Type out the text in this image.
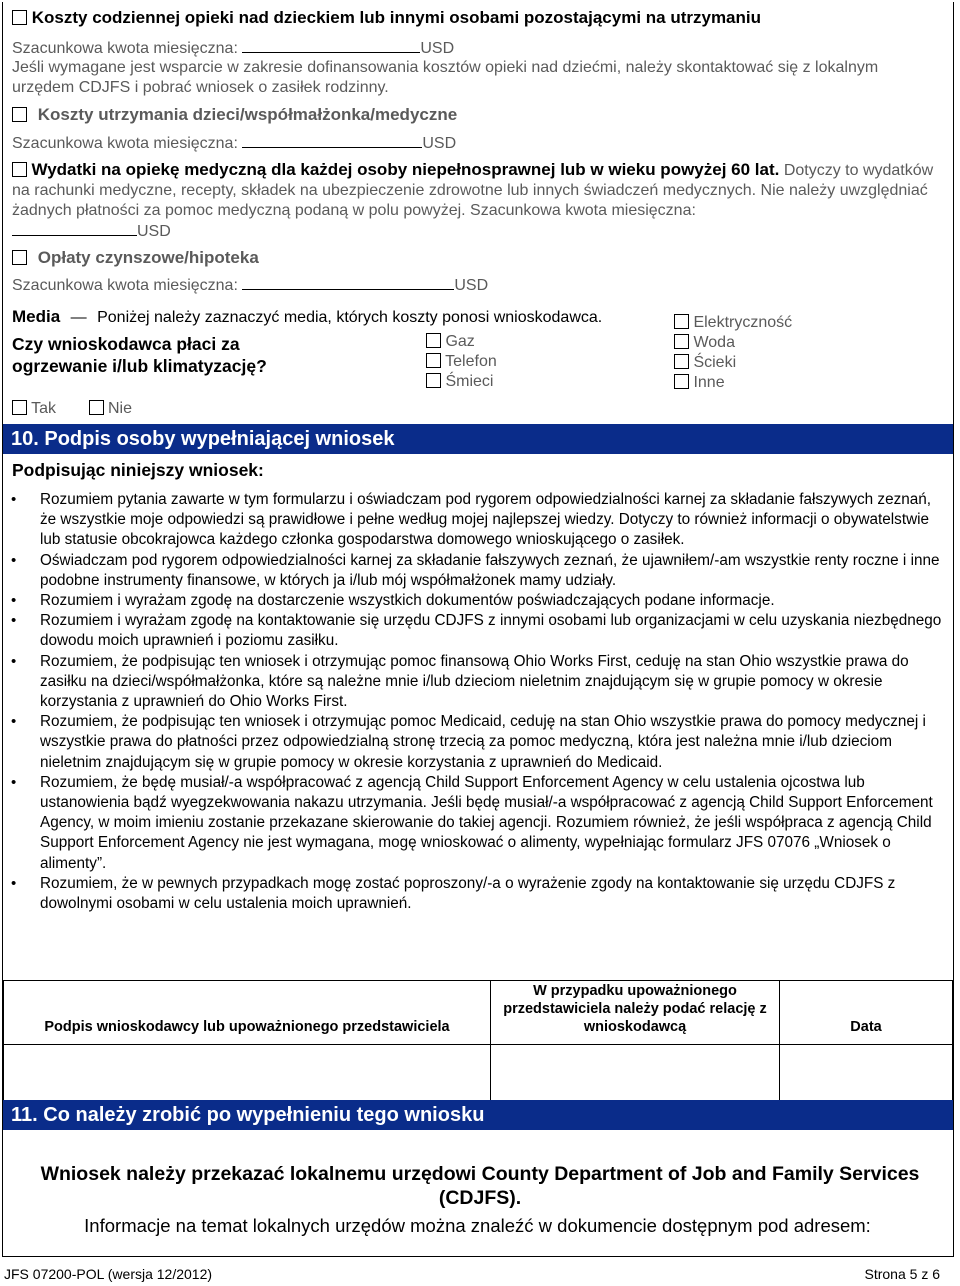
Koszty codziennej opieki nad dzieckiem lub innymi osobami pozostającymi na utrzymaniu
Szacunkowa kwota miesięczna:	USD
Jeśli wymagane jest wsparcie w zakresie dofinansowania kosztów opieki nad dziećmi, należy skontaktować się z lokalnym urzędem CDJFS i pobrać wniosek o zasiłek rodzinny.
Koszty utrzymania dzieci/współmałżonka/medyczne
Szacunkowa kwota miesięczna:	USD
Wydatki na opiekę medyczną dla każdej osoby niepełnosprawnej lub w wieku powyżej 60 lat. Dotyczy to wydatków na rachunki medyczne, recepty, składek na ubezpieczenie zdrowotne lub innych świadczeń medycznych. Nie należy uwzględniać żadnych płatności za pomoc medyczną podaną w polu powyżej. Szacunkowa kwota miesięczna:
USD
Opłaty czynszowe/hipoteka
Szacunkowa kwota miesięczna:	USD
Media — Poniżej należy zaznaczyć media, których koszty ponosi wnioskodawca.
Czy wnioskodawca płaci za ogrzewanie i/lub klimatyzację?
Tak	Nie
Gaz
Telefon
Śmieci
Elektryczność
Woda
Ścieki
Inne
10. Podpis osoby wypełniającej wniosek
Podpisując niniejszy wniosek:
• Rozumiem pytania zawarte w tym formularzu i oświadczam pod rygorem odpowiedzialności karnej za składanie fałszywych zeznań, że wszystkie moje odpowiedzi są prawidłowe i pełne według mojej najlepszej wiedzy. Dotyczy to również informacji o obywatelstwie lub statusie obcokrajowca każdego członka gospodarstwa domowego wnioskującego o zasiłek.
• Oświadczam pod rygorem odpowiedzialności karnej za składanie fałszywych zeznań, że ujawniłem/-am wszystkie renty roczne i inne podobne instrumenty finansowe, w których ja i/lub mój współmałżonek mamy udziały.
• Rozumiem i wyrażam zgodę na dostarczenie wszystkich dokumentów poświadczających podane informacje.
• Rozumiem i wyrażam zgodę na kontaktowanie się urzędu CDJFS z innymi osobami lub organizacjami w celu uzyskania niezbędnego dowodu moich uprawnień i poziomu zasiłku.
• Rozumiem, że podpisując ten wniosek i otrzymując pomoc finansową Ohio Works First, ceduję na stan Ohio wszystkie prawa do zasiłku na dzieci/współmałżonka, które są należne mnie i/lub dzieciom nieletnim znajdującym się w grupie pomocy w okresie korzystania z uprawnień do Ohio Works First.
• Rozumiem, że podpisując ten wniosek i otrzymując pomoc Medicaid, ceduję na stan Ohio wszystkie prawa do pomocy medycznej i wszystkie prawa do płatności przez odpowiedzialną stronę trzecią za pomoc medyczną, która jest należna mnie i/lub dzieciom nieletnim znajdującym się w grupie pomocy w okresie korzystania z uprawnień do Medicaid.
• Rozumiem, że będę musiał/-a współpracować z agencją Child Support Enforcement Agency w celu ustalenia ojcostwa lub ustanowienia bądź wyegzekwowania nakazu utrzymania. Jeśli będę musiał/-a współpracować z agencją Child Support Enforcement Agency, w moim imieniu zostanie przekazane skierowanie do takiej agencji. Rozumiem również, że jeśli współpraca z agencją Child Support Enforcement Agency nie jest wymagana, mogę wnioskować o alimenty, wypełniając formularz JFS 07076 „Wniosek o alimenty”.
• Rozumiem, że w pewnych przypadkach mogę zostać poproszony/-a o wyrażenie zgody na kontaktowanie się urzędu CDJFS z dowolnymi osobami w celu ustalenia moich uprawnień.
Podpis wnioskodawcy lub upoważnionego przedstawiciela	W przypadku upoważnionego przedstawiciela należy podać relację z wnioskodawcą	Data

11. Co należy zrobić po wypełnieniu tego wniosku
Wniosek należy przekazać lokalnemu urzędowi County Department of Job and Family Services (CDJFS).
Informacje na temat lokalnych urzędów można znaleźć w dokumencie dostępnym pod adresem:
JFS 07200-POL (wersja 12/2012)	Strona 5 z 6
